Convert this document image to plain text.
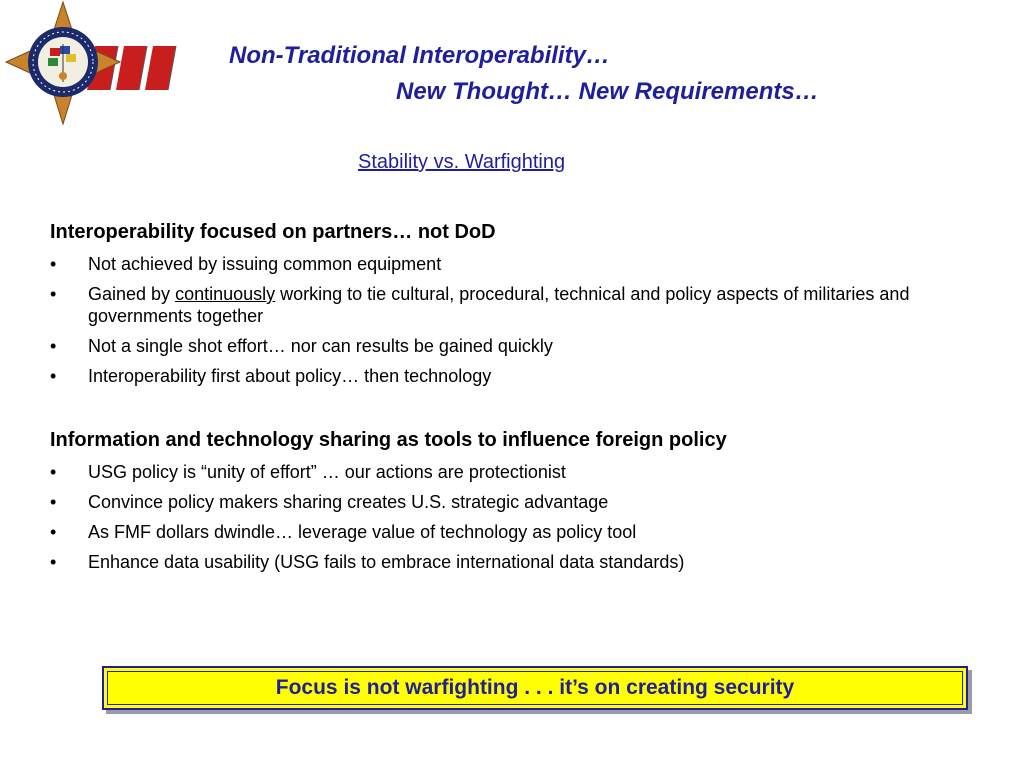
Non-Traditional Interoperability…
New Thought… New Requirements…
Stability vs. Warfighting
Interoperability focused on partners… not DoD
• Not achieved by issuing common equipment
• Gained by continuously working to tie cultural, procedural, technical and policy aspects of militaries and governments together
• Not a single shot effort… nor can results be gained quickly
• Interoperability first about policy… then technology
Information and technology sharing as tools to influence foreign policy
• USG policy is “unity of effort” … our actions are protectionist
• Convince policy makers sharing creates U.S. strategic advantage
• As FMF dollars dwindle… leverage value of technology as policy tool
• Enhance data usability (USG fails to embrace international data standards)
Focus is not warfighting . . . it’s on creating security
